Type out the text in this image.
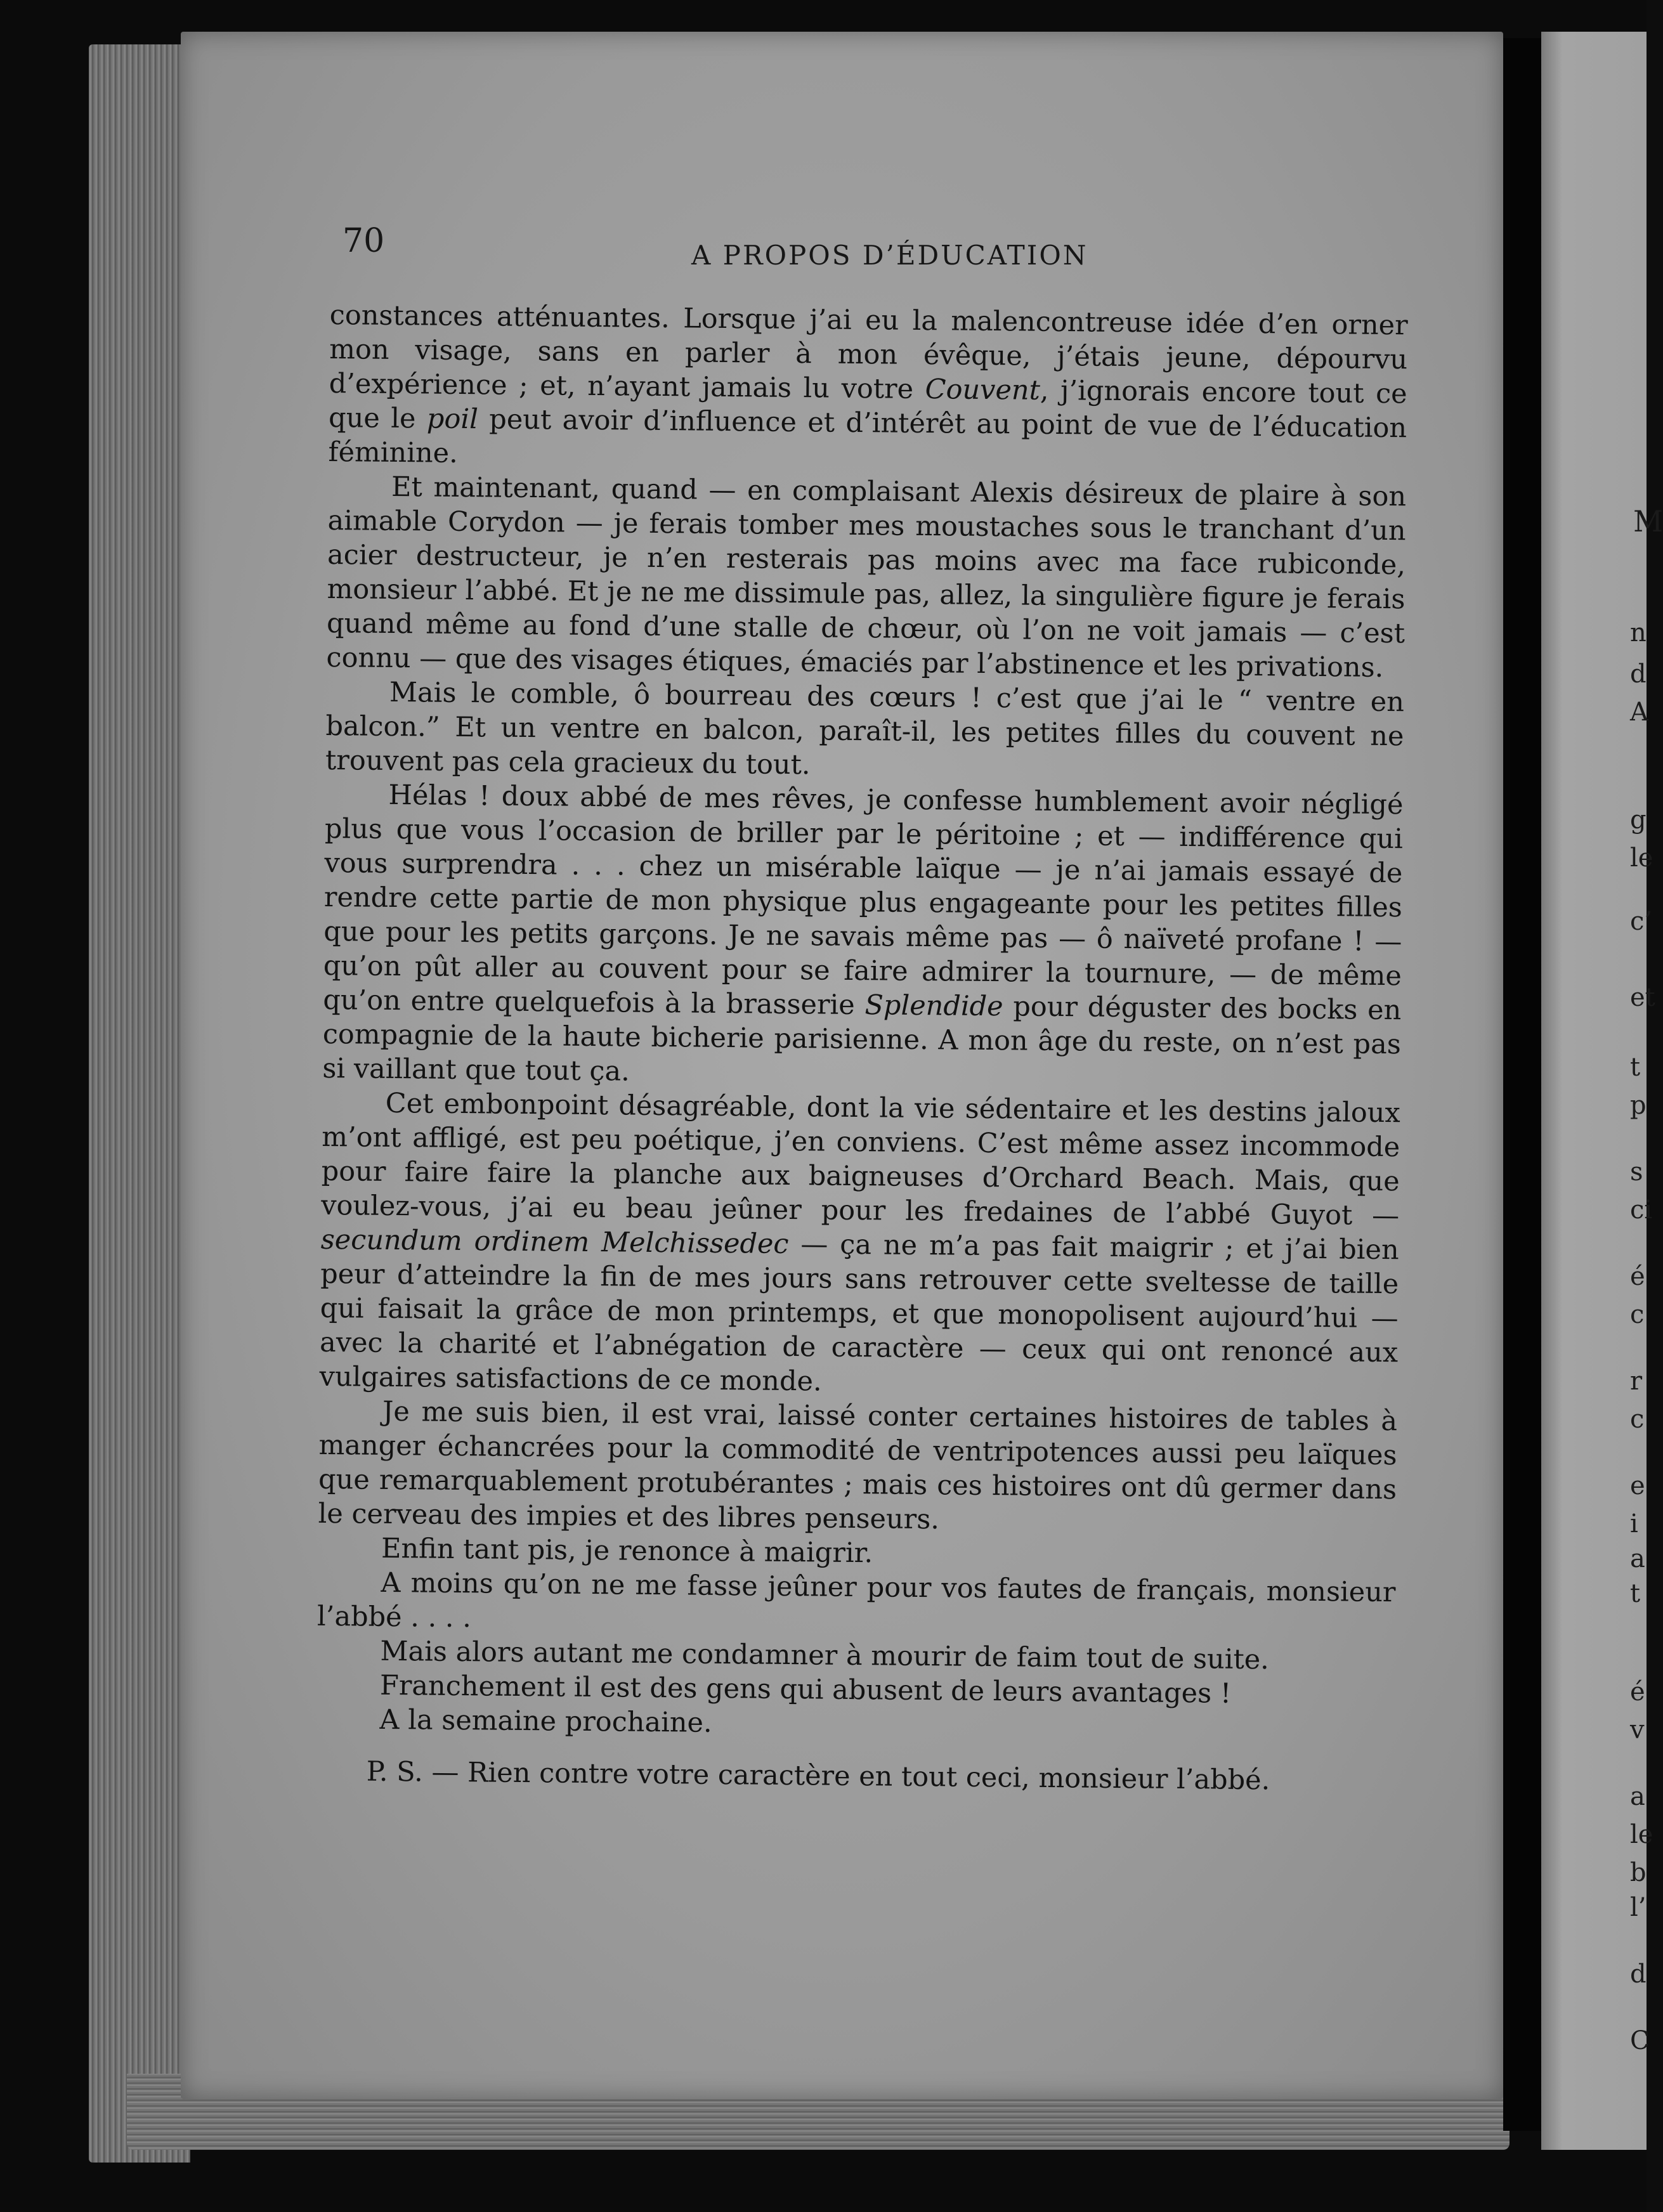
70	A PROPOS D’ÉDUCATION

constances atténuantes. Lorsque j’ai eu la malencontreuse idée d’en orner mon visage, sans en parler à mon évêque, j’étais jeune, dépourvu d’expérience ; et, n’ayant jamais lu votre Couvent, j’ignorais encore tout ce que le poil peut avoir d’influence et d’intérêt au point de vue de l’éducation féminine.

Et maintenant, quand — en complaisant Alexis désireux de plaire à son aimable Corydon — je ferais tomber mes moustaches sous le tranchant d’un acier destructeur, je n’en resterais pas moins avec ma face rubiconde, monsieur l’abbé. Et je ne me dissimule pas, allez, la singulière figure je ferais quand même au fond d’une stalle de chœur, où l’on ne voit jamais — c’est connu — que des visages étiques, émaciés par l’abstinence et les privations.

Mais le comble, ô bourreau des cœurs ! c’est que j’ai le “ ventre en balcon.” Et un ventre en balcon, paraît-il, les petites filles du couvent ne trouvent pas cela gracieux du tout.

Hélas ! doux abbé de mes rêves, je confesse humblement avoir négligé plus que vous l’occasion de briller par le péritoine ; et — indifférence qui vous surprendra . . . chez un misérable laïque — je n’ai jamais essayé de rendre cette partie de mon physique plus engageante pour les petites filles que pour les petits garçons. Je ne savais même pas — ô naïveté profane ! — qu’on pût aller au couvent pour se faire admirer la tournure, — de même qu’on entre quelquefois à la brasserie Splendide pour déguster des bocks en compagnie de la haute bicherie parisienne. A mon âge du reste, on n’est pas si vaillant que tout ça.

Cet embonpoint désagréable, dont la vie sédentaire et les destins jaloux m’ont affligé, est peu poétique, j’en conviens. C’est même assez incommode pour faire faire la planche aux baigneuses d’Orchard Beach. Mais, que voulez-vous, j’ai eu beau jeûner pour les fredaines de l’abbé Guyot — secundum ordinem Melchissedec — ça ne m’a pas fait maigrir ; et j’ai bien peur d’atteindre la fin de mes jours sans retrouver cette sveltesse de taille qui faisait la grâce de mon printemps, et que monopolisent aujourd’hui — avec la charité et l’abnégation de caractère — ceux qui ont renoncé aux vulgaires satisfactions de ce monde.

Je me suis bien, il est vrai, laissé conter certaines histoires de tables à manger échancrées pour la commodité de ventripotences aussi peu laïques que remarquablement protubérantes ; mais ces histoires ont dû germer dans le cerveau des impies et des libres penseurs.

Enfin tant pis, je renonce à maigrir.

A moins qu’on ne me fasse jeûner pour vos fautes de français, monsieur l’abbé . . . .

Mais alors autant me condamner à mourir de faim tout de suite.

Franchement il est des gens qui abusent de leurs avantages !

A la semaine prochaine.

P. S. — Rien contre votre caractère en tout ceci, monsieur l’abbé.

M
n
d
A
g
le
c’
et
t
p
s
ci
é
c
r
c
e
i
a
t
é
v
a
le
b
l’
d
C
